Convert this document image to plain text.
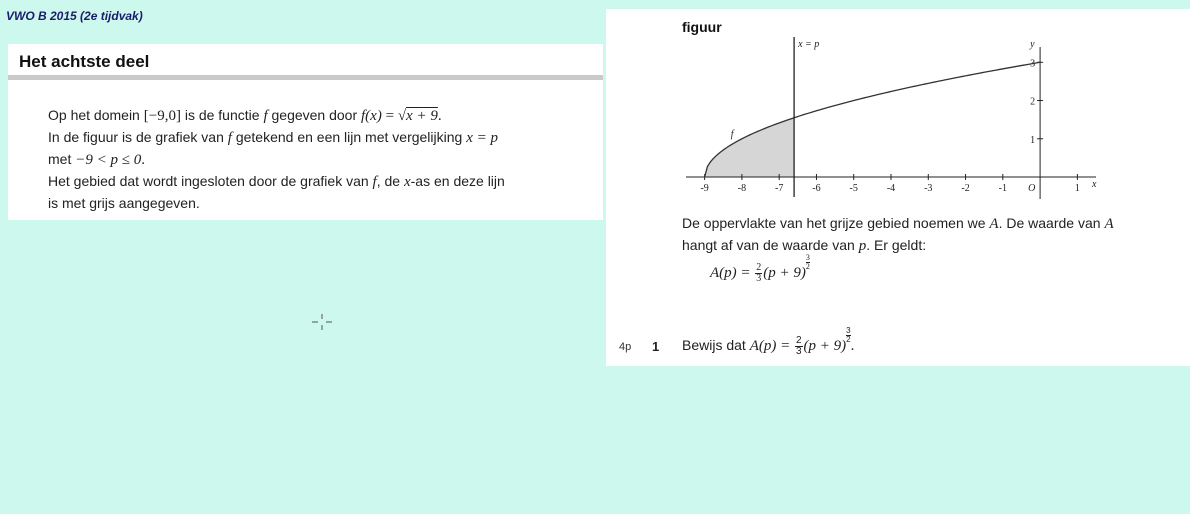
VWO B 2015 (2e tijdvak)
Het achtste deel
Op het domein [−9,0] is de functie f gegeven door f(x) = √x + 9.
In de figuur is de grafiek van f getekend en een lijn met vergelijking x = p
met −9 < p ≤ 0.
Het gebied dat wordt ingesloten door de grafiek van f, de x-as en deze lijn
is met grijs aangegeven.
figuur
-9	-8	-7	-6	-5	-4	-3	-2	-1	1
1
2
3
x = p
f
x
y
O
De oppervlakte van het grijze gebied noemen we A. De waarde van A
hangt af van de waarde van p. Er geldt:
$A(p) = \frac{2}{3} (p + 9)$
$\frac{3}{2}$
4p 1 Bewijs dat $A(p) = \frac{2}{3} (p + 9)$
$\frac{3}{2}$
.
